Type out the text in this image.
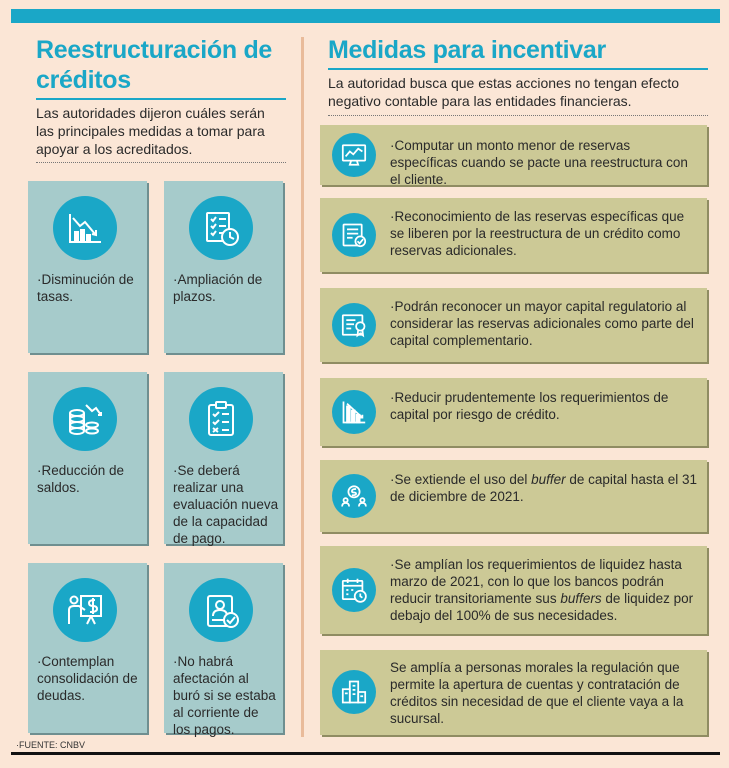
Reestructuración de créditos

Las autoridades dijeron cuáles serán las principales medidas a tomar para apoyar a los acreditados.

·Disminución de tasas.

·Ampliación de plazos.

·Reducción de saldos.

·Se deberá realizar una evaluación nueva de la capacidad de pago.

·Contemplan consolidación de deudas.

·No habrá afectación al buró si se estaba al corriente de los pagos.

Medidas para incentivar

La autoridad busca que estas acciones no tengan efecto negativo contable para las entidades financieras.

·Computar un monto menor de reservas específicas cuando se pacte una reestructura con el cliente.

·Reconocimiento de las reservas específicas que se liberen por la reestructura de un crédito como reservas adicionales.

·Podrán reconocer un mayor capital regulatorio al considerar las reservas adicionales como parte del capital complementario.

·Reducir prudentemente los requerimientos de capital por riesgo de crédito.

·Se extiende el uso del buffer de capital hasta el 31 de diciembre de 2021.

·Se amplían los requerimientos de liquidez hasta marzo de 2021, con lo que los bancos podrán reducir transitoriamente sus buffers de liquidez por debajo del 100% de sus necesidades.

Se amplía a personas morales la regulación que permite la apertura de cuentas y contratación de créditos sin necesidad de que el cliente vaya a la sucursal.

·FUENTE: CNBV
